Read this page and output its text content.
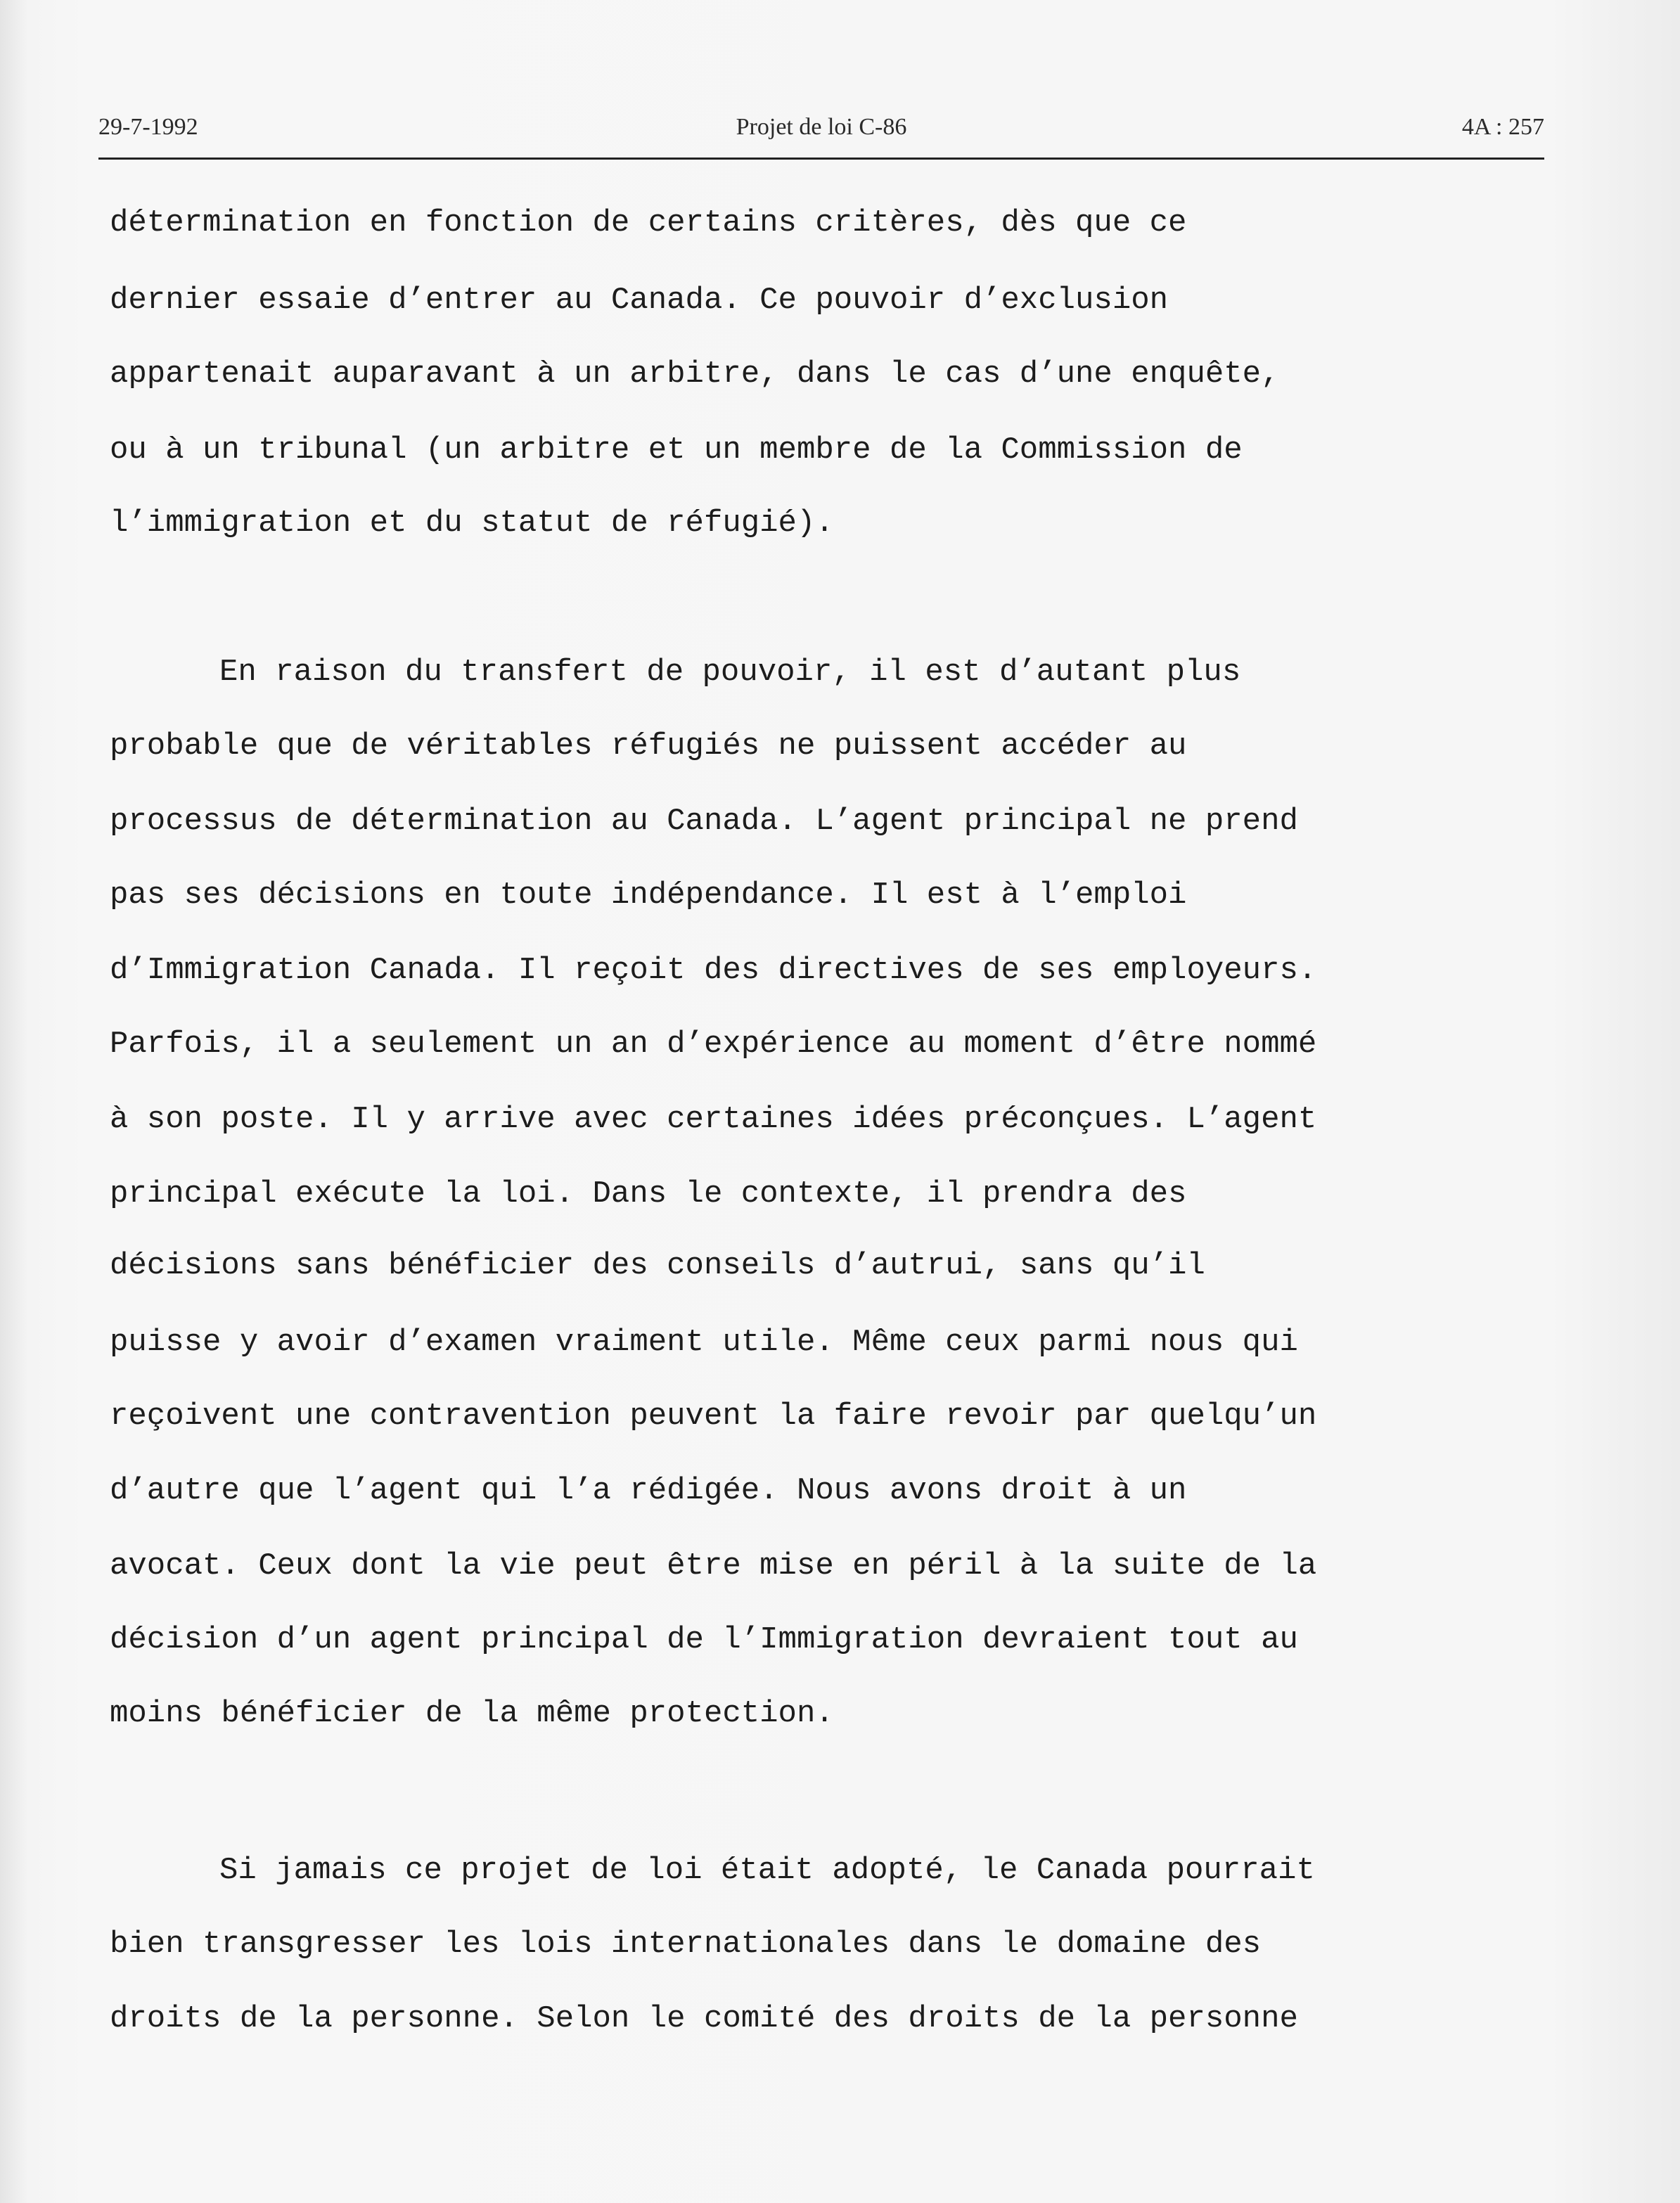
29-7-1992	Projet de loi C-86	4A : 257
détermination en fonction de certains critères, dès que ce
dernier essaie d’entrer au Canada. Ce pouvoir d’exclusion
appartenait auparavant à un arbitre, dans le cas d’une enquête,
ou à un tribunal (un arbitre et un membre de la Commission de
l’immigration et du statut de réfugié).
En raison du transfert de pouvoir, il est d’autant plus
probable que de véritables réfugiés ne puissent accéder au
processus de détermination au Canada. L’agent principal ne prend
pas ses décisions en toute indépendance. Il est à l’emploi
d’Immigration Canada. Il reçoit des directives de ses employeurs.
Parfois, il a seulement un an d’expérience au moment d’être nommé
à son poste. Il y arrive avec certaines idées préconçues. L’agent
principal exécute la loi. Dans le contexte, il prendra des
décisions sans bénéficier des conseils d’autrui, sans qu’il
puisse y avoir d’examen vraiment utile. Même ceux parmi nous qui
reçoivent une contravention peuvent la faire revoir par quelqu’un
d’autre que l’agent qui l’a rédigée. Nous avons droit à un
avocat. Ceux dont la vie peut être mise en péril à la suite de la
décision d’un agent principal de l’Immigration devraient tout au
moins bénéficier de la même protection.
Si jamais ce projet de loi était adopté, le Canada pourrait
bien transgresser les lois internationales dans le domaine des
droits de la personne. Selon le comité des droits de la personne
